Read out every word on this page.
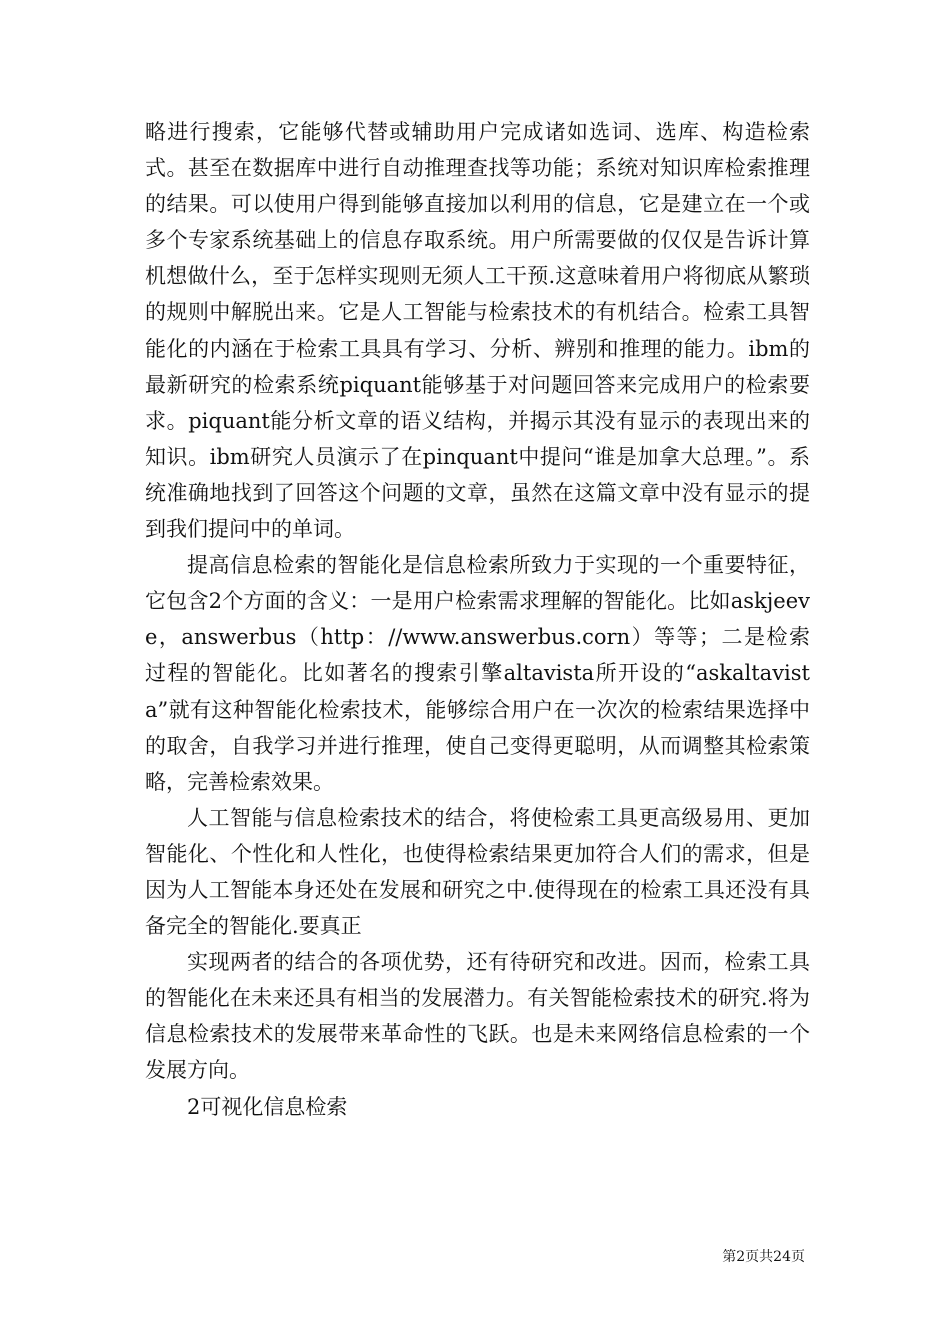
略进行搜索，它能够代替或辅助用户完成诸如选词、选库、构造检索式。甚至在数据库中进行自动推理查找等功能；系统对知识库检索推理的结果。可以使用户得到能够直接加以利用的信息，它是建立在一个或多个专家系统基础上的信息存取系统。用户所需要做的仅仅是告诉计算机想做什么，至于怎样实现则无须人工干预.这意味着用户将彻底从繁琐的规则中解脱出来。它是人工智能与检索技术的有机结合。检索工具智能化的内涵在于检索工具具有学习、分析、辨别和推理的能力。ibm的最新研究的检索系统piquant能够基于对问题回答来完成用户的检索要求。piquant能分析文章的语义结构，并揭示其没有显示的表现出来的知识。ibm研究人员演示了在pinquant中提问“谁是加拿大总理。”。系统准确地找到了回答这个问题的文章，虽然在这篇文章中没有显示的提到我们提问中的单词。

提高信息检索的智能化是信息检索所致力于实现的一个重要特征，它包含2个方面的含义：一是用户检索需求理解的智能化。比如askjeeve，answerbus（http：//www.answerbus.corn）等等；二是检索过程的智能化。比如著名的搜索引擎altavista所开设的“askaltavista”就有这种智能化检索技术，能够综合用户在一次次的检索结果选择中的取舍，自我学习并进行推理，使自己变得更聪明，从而调整其检索策略，完善检索效果。

人工智能与信息检索技术的结合，将使检索工具更高级易用、更加智能化、个性化和人性化，也使得检索结果更加符合人们的需求，但是因为人工智能本身还处在发展和研究之中.使得现在的检索工具还没有具备完全的智能化.要真正

实现两者的结合的各项优势，还有待研究和改进。因而，检索工具的智能化在未来还具有相当的发展潜力。有关智能检索技术的研究.将为信息检索技术的发展带来革命性的飞跃。也是未来网络信息检索的一个发展方向。

2可视化信息检索

第2页共24页
